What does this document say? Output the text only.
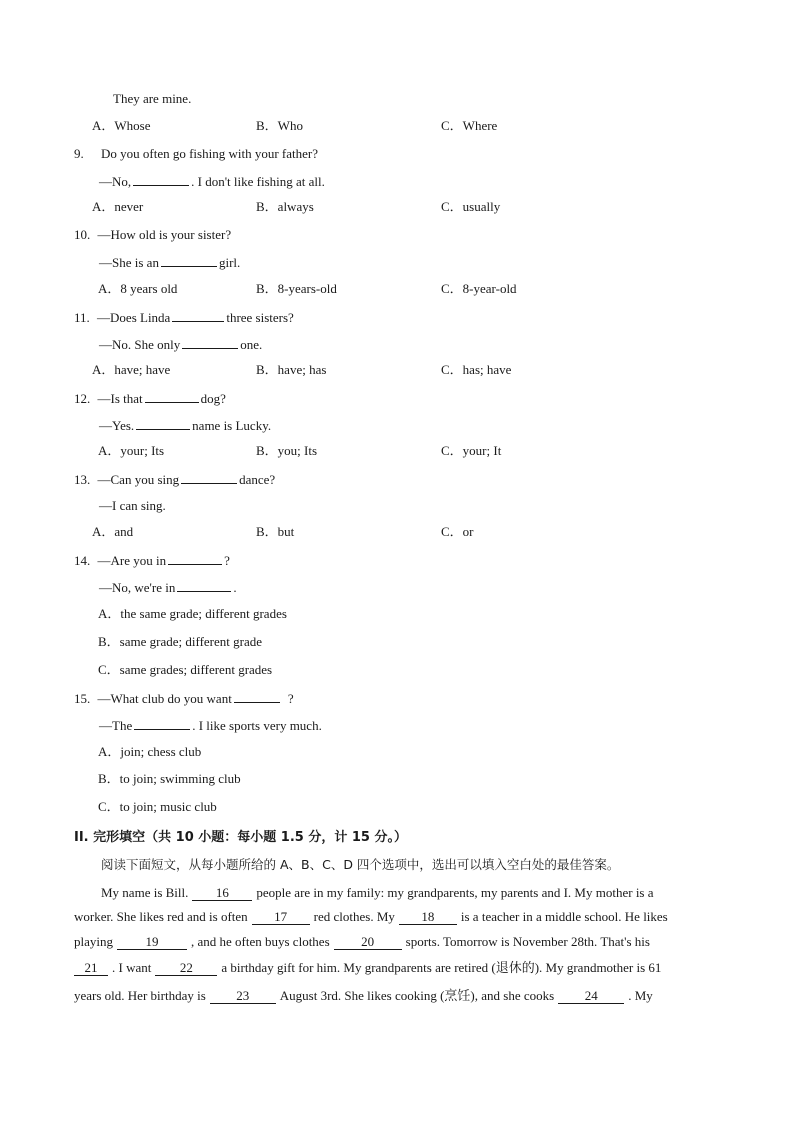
They are mine.
A．Whose	B．Who	C．Where
9. Do you often go fishing with your father?
—No,	. I don't like fishing at all.
A．never	B．always	C．usually
10. —How old is your sister?
—She is an	girl.
A．8 years old	B．8-years-old	C．8-year-old
11. —Does Linda	three sisters?
—No. She only	one.
A．have; have	B．have; has	C．has; have
12. —Is that	dog?
—Yes.	name is Lucky.
A．your; Its	B．you; Its	C．your; It
13. —Can you sing	dance?
—I can sing.
A．and	B．but	C．or
14. —Are you in	?
—No, we're in	.
A．the same grade; different grades
B．same grade; different grade
C．same grades; different grades
15. —What club do you want	?
—The	. I like sports very much.
A．join; chess club
B．to join; swimming club
C．to join; music club
II. 完形填空（共 10 小题：每小题 1.5 分，计 15 分。）
阅读下面短文，从每小题所给的 A、B、C、D 四个选项中，选出可以填入空白处的最佳答案。
My name is Bill. 16 people are in my family: my grandparents, my parents and I. My mother is a
worker. She likes red and is often 17 red clothes. My 18 is a teacher in a middle school. He likes
playing	19	, and he often buys clothes 20 sports. Tomorrow is November 28th. That's his
21 . I want 22 a birthday gift for him. My grandparents are retired (退休的). My grandmother is 61
years old. Her birthday is 23 August 3rd. She likes cooking (烹饪), and she cooks 24 . My
